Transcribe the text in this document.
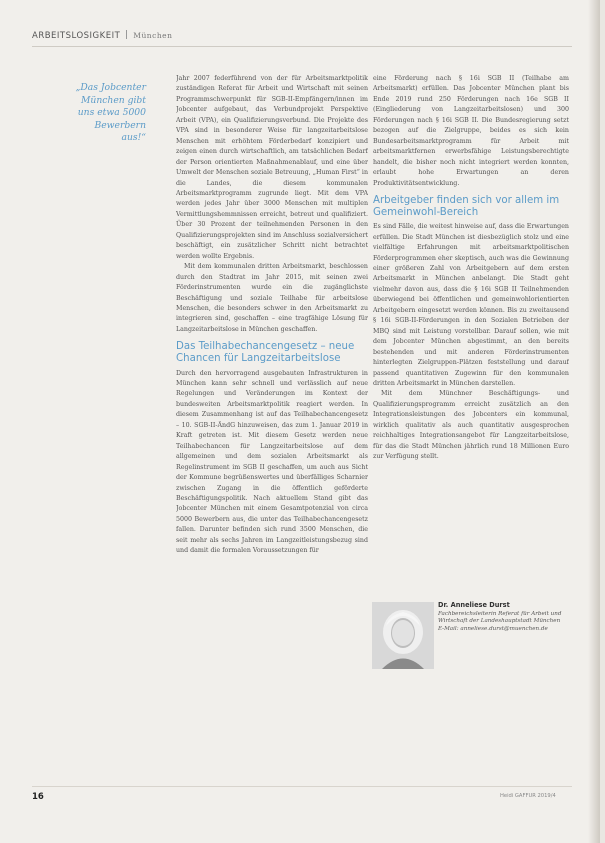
ARBEITSLOSIGKEIT München
„Das Jobcenter München gibt uns etwa 5000 Bewerbern aus!“

Jahr 2007 federführend von der für Arbeitsmarktpolitik zuständigen Referat für Arbeit und Wirtschaft mit seinen Programmschwerpunkt für SGB-II-Empfängern/innen im Jobcenter aufgebaut, das Verbundprojekt Perspektive Arbeit (VPA), ein Qualifizierungsverbund. Die Projekte des VPA sind in besonderer Weise für langzeitarbeitslose Menschen mit erhöhtem Förderbedarf konzipiert und zeigen einen durch wirtschaftlich, am tatsächlichen Bedarf der Person orientierten Maßnahmenablauf, und eine über Umwelt der Menschen soziale Betreuung, „Human First“ in die Landes, die diesem kommunalen Arbeitsmarktprogramm zugrunde liegt. Mit dem VPA werden jedes Jahr über 3000 Menschen mit multiplen Vermittlungshemmnissen erreicht, betreut und qualifiziert. Über 30 Prozent der teilnehmenden Personen in den Qualifizierungsprojekten sind im Anschluss sozialversichert beschäftigt, ein zusätzlicher Schritt nicht betrachtet werden wollte Ergebnis.

Mit dem kommunalen dritten Arbeitsmarkt, beschlossen durch den Stadtrat im Jahr 2015, mit seinen zwei Förderinstrumenten wurde ein die zugänglichste Beschäftigung und soziale Teilhabe für arbeitslose Menschen, die besonders schwer in den Arbeitsmarkt zu integrieren sind, geschaffen – eine tragfähige Lösung für Langzeitarbeitslose in München geschaffen.

Das Teilhabechancengesetz – neue Chancen für Langzeitarbeitslose

Durch den hervorragend ausgebauten Infrastrukturen in München kann sehr schnell und verlässlich auf neue Regelungen und Veränderungen im Kontext der bundesweiten Arbeitsmarktpolitik reagiert werden. In diesem Zusammenhang ist auf das Teilhabechancengesetz – 10. SGB-II-ÄndG hinzuweisen, das zum 1. Januar 2019 in Kraft getreten ist. Mit diesem Gesetz werden neue Teilhabechancen für Langzeitarbeitslose auf dem allgemeinen und dem sozialen Arbeitsmarkt als Regelinstrument im SGB II geschaffen, um auch aus Sicht der Kommune begrüßenswertes und überfälliges Scharnier zwischen Zugang in die öffentlich geförderte Beschäftigungspolitik. Nach aktuellem Stand gibt das Jobcenter München mit einem Gesamtpotenzial von circa 5000 Bewerbern aus, die unter das Teilhabechancengesetz fallen. Darunter befinden sich rund 3500 Menschen, die seit mehr als sechs Jahren im Langzeitleistungsbezug sind und damit die formalen Voraussetzungen für

eine Förderung nach § 16i SGB II (Teilhabe am Arbeitsmarkt) erfüllen. Das Jobcenter München plant bis Ende 2019 rund 250 Förderungen nach 16e SGB II (Eingliederung von Langzeitarbeitslosen) und 300 Förderungen nach § 16i SGB II. Die Bundesregierung setzt bezogen auf die Zielgruppe, beides es sich kein Bundesarbeitsmarktprogramm für Arbeit mit arbeitsmarktfernen erwerbsfähige Leistungsberechtigte handelt, die bisher noch nicht integriert werden konnten, erlaubt hohe Erwartungen an deren Produktivitätsentwicklung.

Arbeitgeber finden sich vor allem im Gemeinwohl-Bereich

Es sind Fälle, die weitest hinweise auf, dass die Erwartungen erfüllen. Die Stadt München ist diesbezüglich stolz und eine vielfältige Erfahrungen mit arbeitsmarktpolitischen Förderprogrammen eher skeptisch, auch was die Gewinnung einer größeren Zahl von Arbeitgebern auf dem ersten Arbeitsmarkt in München anbelangt. Die Stadt geht vielmehr davon aus, dass die § 16i SGB II Teilnehmenden überwiegend bei öffentlichen und gemeinwohlorientierten Arbeitgebern eingesetzt werden können. Bis zu zweitausend § 16i SGB-II-Förderungen in den Sozialen Betrieben der MBQ sind mit Leistung vorstellbar. Darauf sollen, wie mit dem Jobcenter München abgestimmt, an den bereits bestehenden und mit anderen Förderinstrumenten hinterlegten Zielgruppen-Plätzen feststellung und darauf passend quantitativen Zugewinn für den kommunalen dritten Arbeitsmarkt in München darstellen.

Mit dem Münchner Beschäftigungs- und Qualifizierungsprogramm erreicht zusätzlich an den Integrationsleistungen des Jobcenters ein kommunal, wirklich qualitativ als auch quantitativ ausgesprochen reichhaltiges Integrationsangebot für Langzeitarbeitslose, für das die Stadt München jährlich rund 18 Millionen Euro zur Verfügung stellt.

Dr. Anneliese Durst
Fachbereichsleiterin Referat für Arbeit und Wirtschaft der Landeshauptstadt München
E-Mail: anneliese.durst@muenchen.de
16	Heidi GAFFUR 2019/4
